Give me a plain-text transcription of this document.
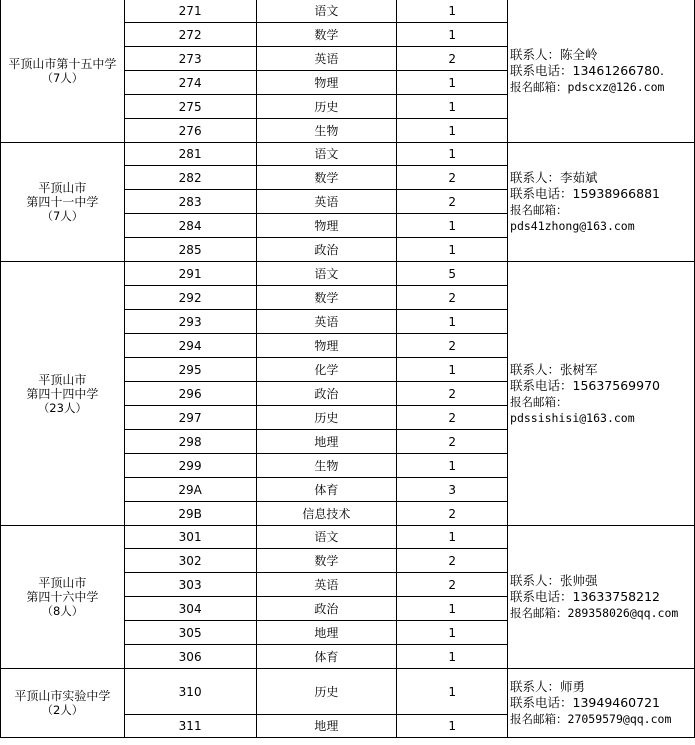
平顶山市第十五中学
（7人）	271	语文	1	联系人：陈全岭
联系电话：13461266780.
报名邮箱：pdscxz@126.com

	272	数学	1	
	273	英语	2	
	274	物理	1	
	275	历史	1	
	276	生物	1	

平顶山市
第四十一中学
（7人）	281	语文	1	联系人：李茹斌
联系电话：15938966881
报名邮箱：
pds41zhong@163.com

	282	数学	2	
	283	英语	2	
	284	物理	1	
	285	政治	1	

平顶山市
第四十四中学
（23人）	291	语文	5	联系人：张树军
联系电话：15637569970
报名邮箱：
pdssishisi@163.com

	292	数学	2	
	293	英语	1	
	294	物理	2	
	295	化学	1	
	296	政治	2	
	297	历史	2	
	298	地理	2	
	299	生物	1	
	29A	体育	3	
	29B	信息技术	2	

平顶山市
第四十六中学
（8人）	301	语文	1	联系人：张帅强
联系电话：13633758212
报名邮箱：289358026@qq.com

	302	数学	2	
	303	英语	2	
	304	政治	1	
	305	地理	1	
	306	体育	1	

平顶山市实验中学
（2人）	310	历史	1	联系人：师勇
联系电话：13949460721
报名邮箱：27059579@qq.com

	311	地理	1	
